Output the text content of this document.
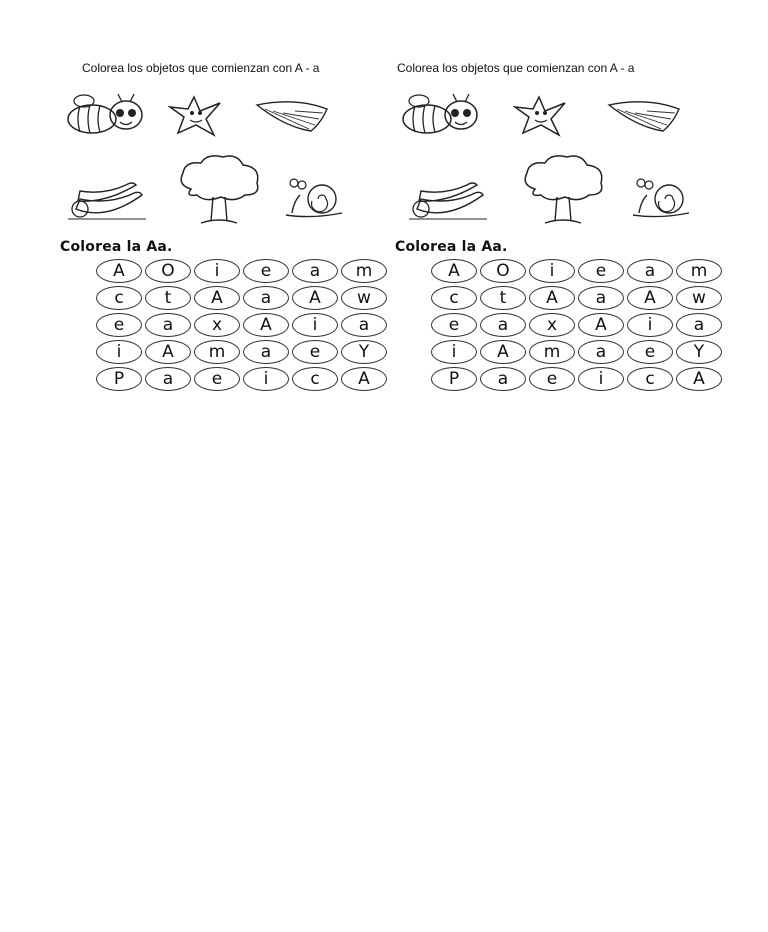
Colorea los objetos que comienzan con A - a
Colorea la Aa.
A	O	i	e	a	m
c	t	A	a	A	w
e	a	x	A	i	a
i	A	m	a	e	Y
P	a	e	i	c	A
Colorea los objetos que comienzan con A - a
Colorea la Aa.
A	O	i	e	a	m
c	t	A	a	A	w
e	a	x	A	i	a
i	A	m	a	e	Y
P	a	e	i	c	A
